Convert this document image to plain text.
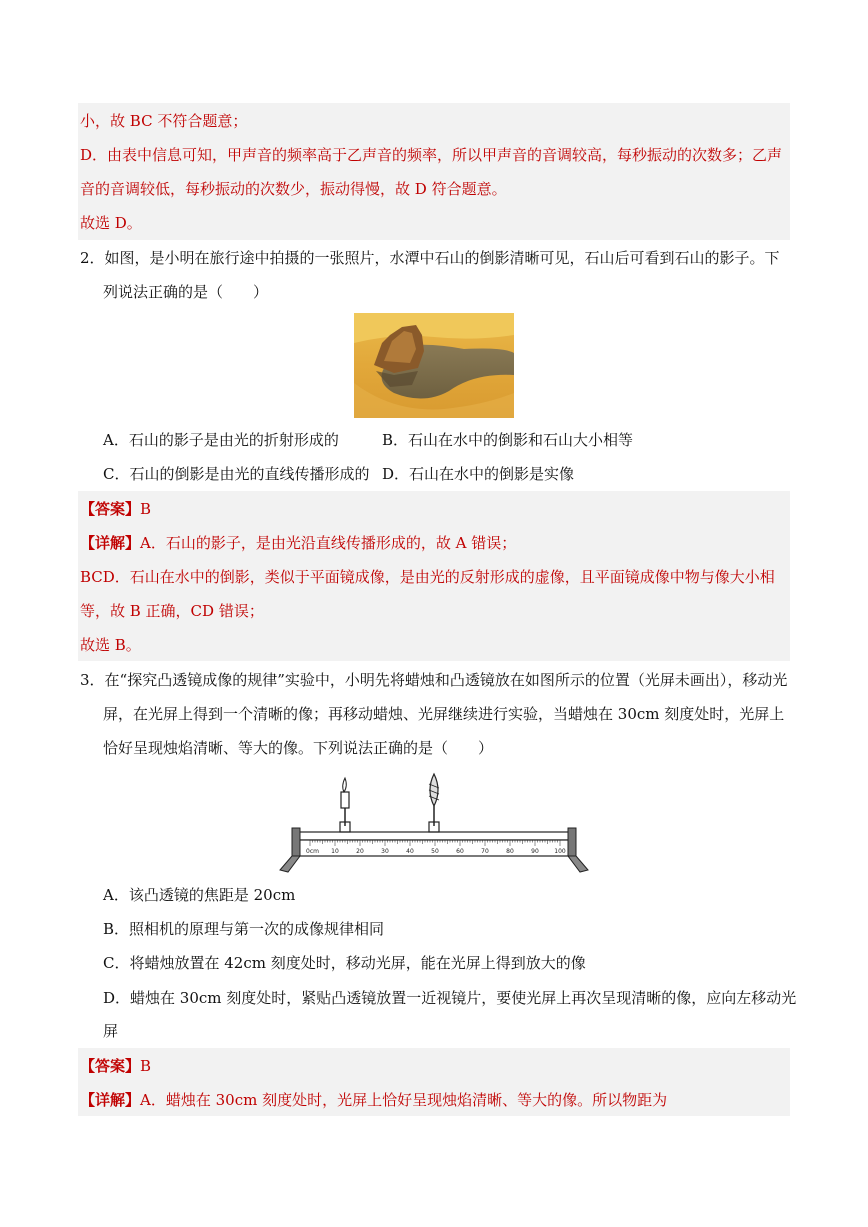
小，故 BC 不符合题意；
D．由表中信息可知，甲声音的频率高于乙声音的频率，所以甲声音的音调较高，每秒振动的次数多；乙声
音的音调较低，每秒振动的次数少，振动得慢，故 D 符合题意。
故选 D。
2．如图，是小明在旅行途中拍摄的一张照片，水潭中石山的倒影清晰可见，石山后可看到石山的影子。下
列说法正确的是（　　）
A．石山的影子是由光的折射形成的	B．石山在水中的倒影和石山大小相等
C．石山的倒影是由光的直线传播形成的 D．石山在水中的倒影是实像
【答案】B
【详解】A．石山的影子，是由光沿直线传播形成的，故 A 错误；
BCD．石山在水中的倒影，类似于平面镜成像，是由光的反射形成的虚像，且平面镜成像中物与像大小相
等，故 B 正确，CD 错误；
故选 B。
3．在“探究凸透镜成像的规律”实验中，小明先将蜡烛和凸透镜放在如图所示的位置（光屏未画出），移动光
屏，在光屏上得到一个清晰的像；再移动蜡烛、光屏继续进行实验，当蜡烛在 30cm 刻度处时，光屏上
恰好呈现烛焰清晰、等大的像。下列说法正确的是（　　）
0cm 10	20	30	40	50	60	70	80	90	100
A．该凸透镜的焦距是 20cm
B．照相机的原理与第一次的成像规律相同
C．将蜡烛放置在 42cm 刻度处时，移动光屏，能在光屏上得到放大的像
D．蜡烛在 30cm 刻度处时，紧贴凸透镜放置一近视镜片，要使光屏上再次呈现清晰的像，应向左移动光
屏
【答案】B
【详解】A．蜡烛在 30cm 刻度处时，光屏上恰好呈现烛焰清晰、等大的像。所以物距为
